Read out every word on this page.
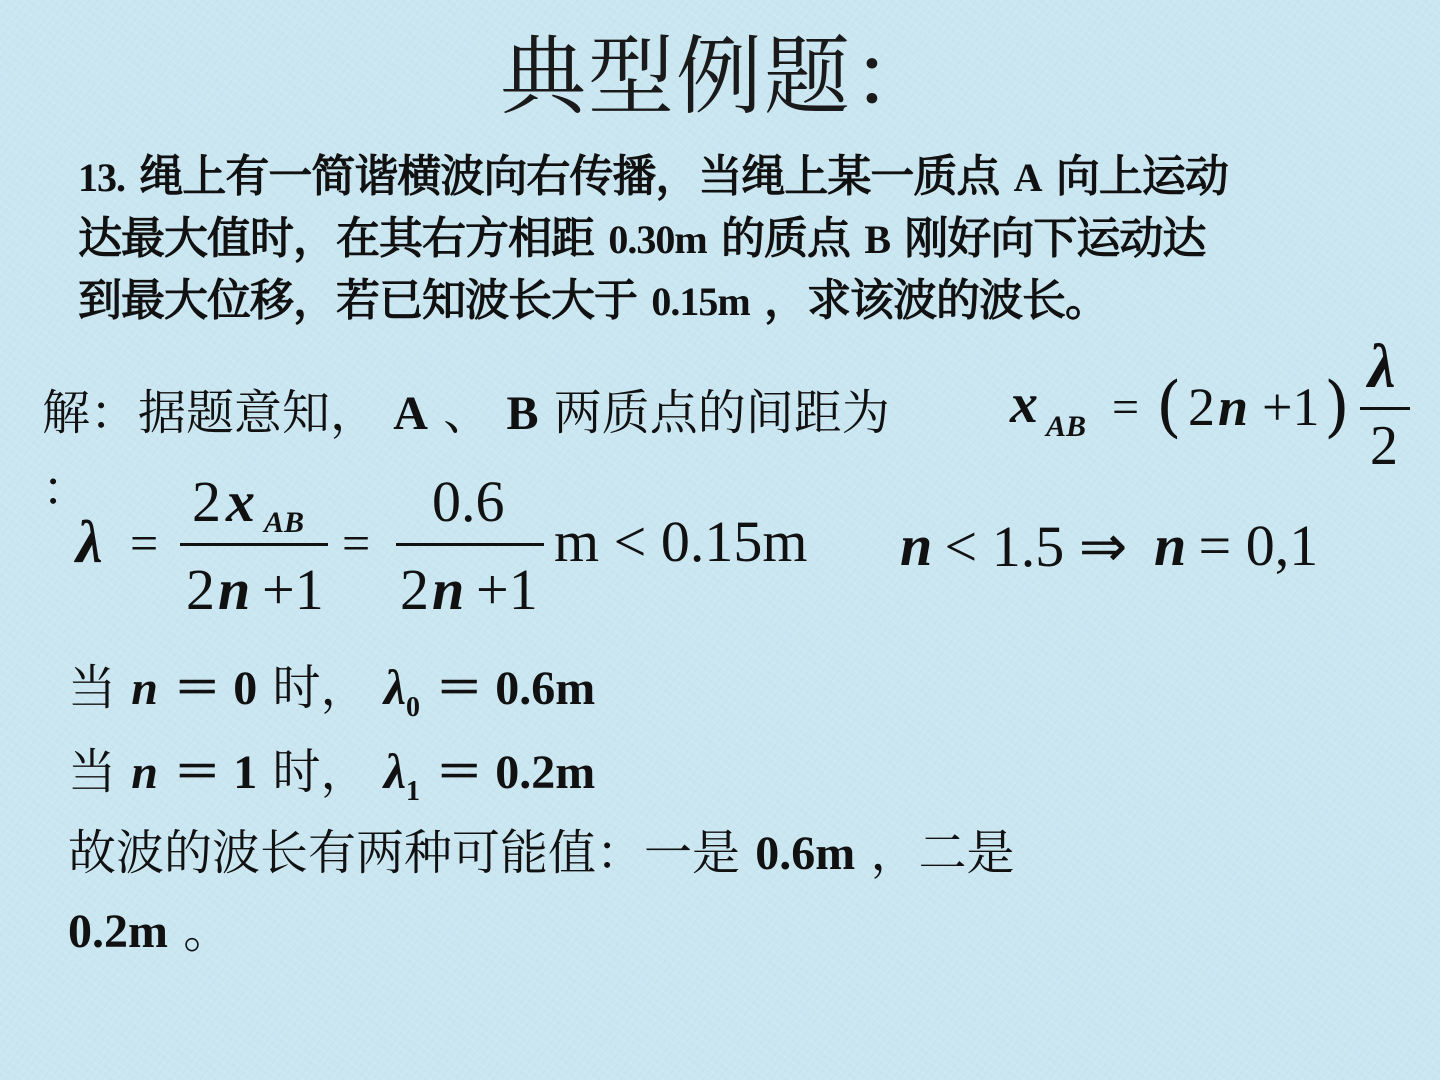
典型例题：
13. 绳上有一简谐横波向右传播，当绳上某一质点 A 向上运动
达最大值时，在其右方相距 0.30m 的质点 B 刚好向下运动达
到最大位移，若已知波长大于 0.15m ，求该波的波长。
解：据题意知， A 、 B 两质点的间距为
：
x AB = ( 2 n +1 )
λ
2
λ =
2 x AB
2 n +1
=
0.6
2 n +1
m < 0.15m n
< 1.5 ⇒ n
= 0,1
当 n ＝ 0 时， $\lambda_0 = 0.6m$
当 n ＝ 1 时， $\lambda_1 = 0.2m$
故波的波长有两种可能值：一是 0.6m ，二是
0.2m 。
